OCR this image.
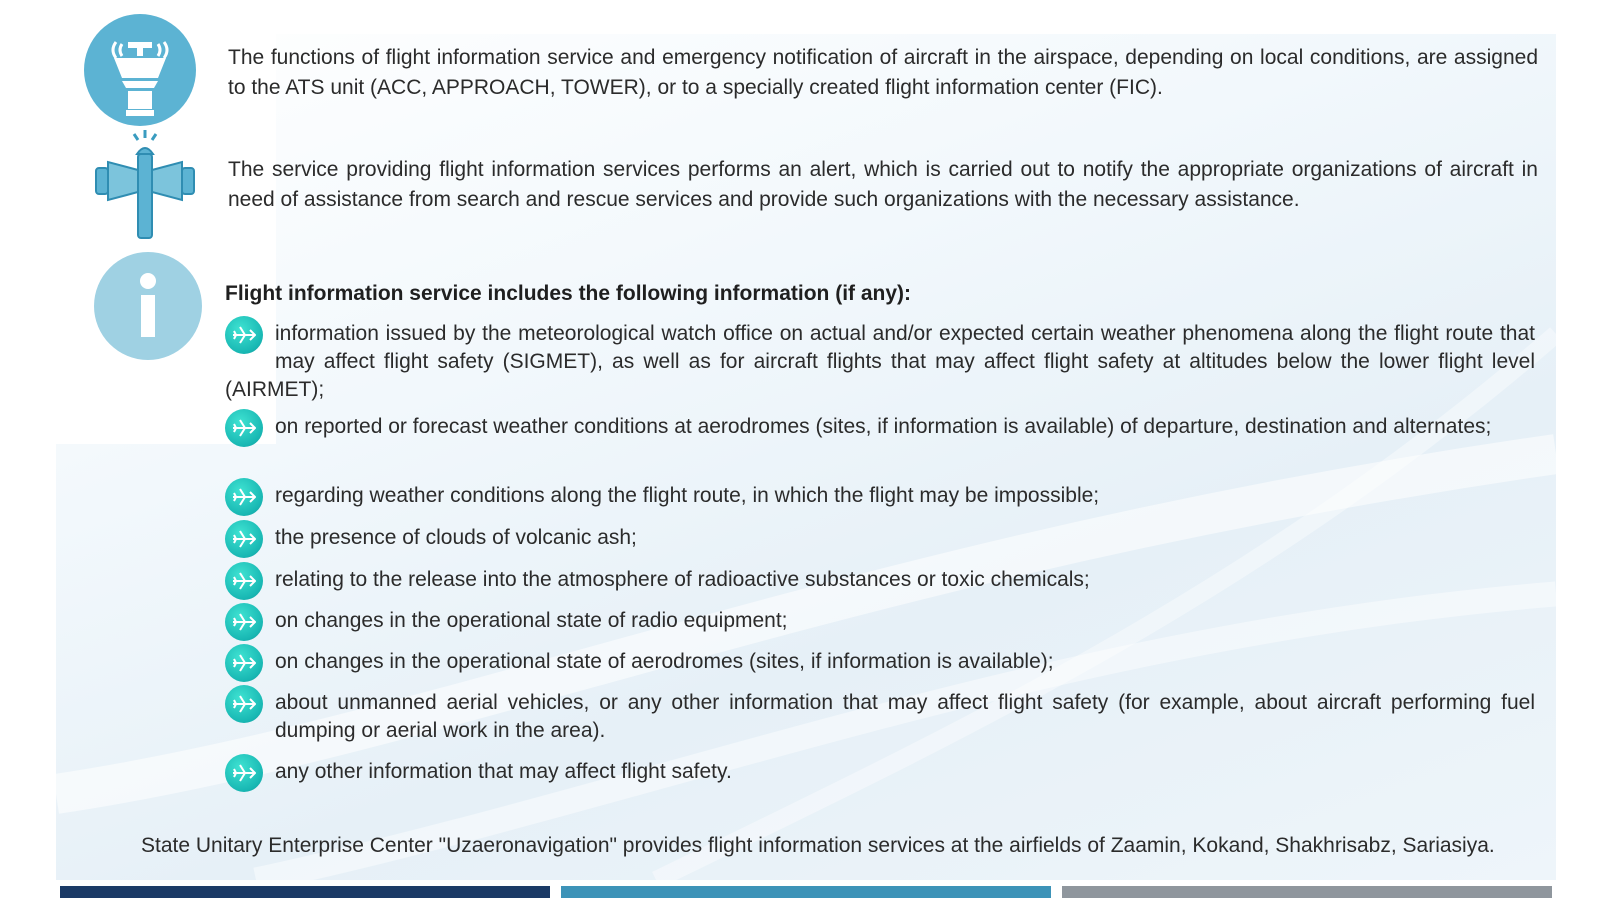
The functions of flight information service and emergency notification of aircraft in the airspace, depending on local conditions, are assigned to the ATS unit (ACC, APPROACH, TOWER), or to a specially created flight information center (FIC).
The service providing flight information services performs an alert, which is carried out to notify the appropriate organizations of aircraft in need of assistance from search and rescue services and provide such organizations with the necessary assistance.
Flight information service includes the following information (if any):
information issued by the meteorological watch office on actual and/or expected certain weather phenomena along the flight route that may affect flight safety (SIGMET), as well as for aircraft flights that may affect flight safety at altitudes below the lower flight level (AIRMET);
on reported or forecast weather conditions at aerodromes (sites, if information is available) of departure, destination and alternates;
regarding weather conditions along the flight route, in which the flight may be impossible;
the presence of clouds of volcanic ash;
relating to the release into the atmosphere of radioactive substances or toxic chemicals;
on changes in the operational state of radio equipment;
on changes in the operational state of aerodromes (sites, if information is available);
about unmanned aerial vehicles, or any other information that may affect flight safety (for example, about aircraft performing fuel dumping or aerial work in the area).
any other information that may affect flight safety.
State Unitary Enterprise Center "Uzaeronavigation" provides flight information services at the airfields of Zaamin, Kokand, Shakhrisabz, Sariasiya.
